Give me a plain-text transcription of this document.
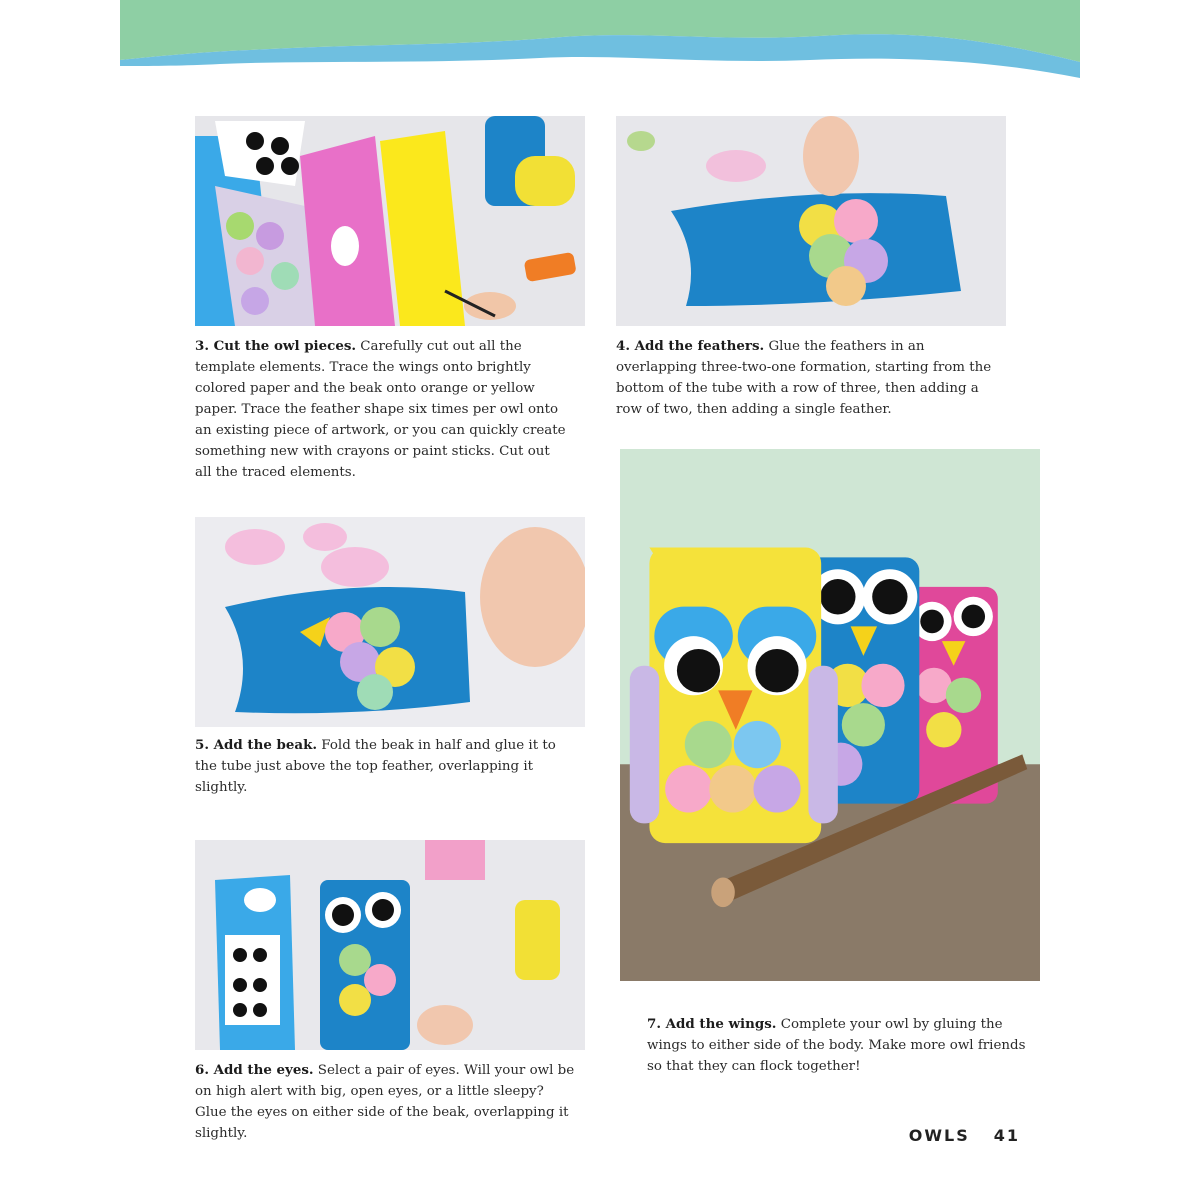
3. Cut the owl pieces. Carefully cut out all the template elements. Trace the wings onto brightly colored paper and the beak onto orange or yellow paper. Trace the feather shape six times per owl onto an existing piece of artwork, or you can quickly create something new with crayons or paint sticks. Cut out all the traced elements.
4. Add the feathers. Glue the feathers in an overlapping three-two-one formation, starting from the bottom of the tube with a row of three, then adding a row of two, then adding a single feather.
5. Add the beak. Fold the beak in half and glue it to the tube just above the top feather, overlapping it slightly.
6. Add the eyes. Select a pair of eyes. Will your owl be on high alert with big, open eyes, or a little sleepy? Glue the eyes on either side of the beak, overlapping it slightly.
7. Add the wings. Complete your owl by gluing the wings to either side of the body. Make more owl friends so that they can flock together!
OWLS 41
